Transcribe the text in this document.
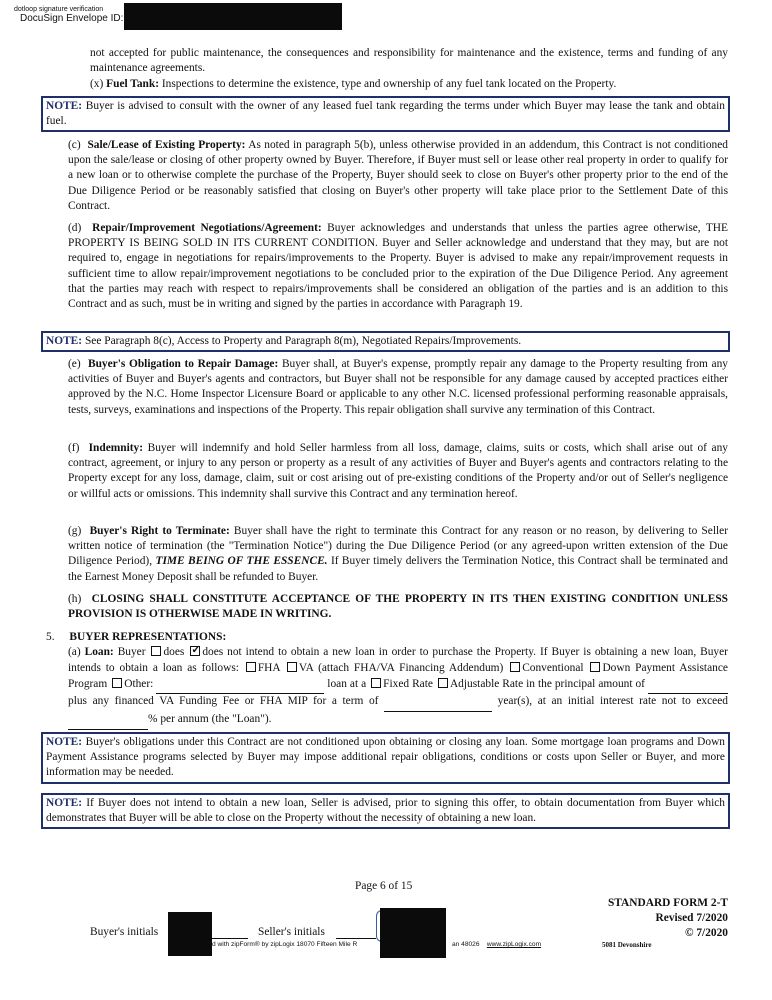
dotloop signature verification
DocuSign Envelope ID:
not accepted for public maintenance, the consequences and responsibility for maintenance and the existence, terms and funding of any maintenance agreements.
(x) Fuel Tank: Inspections to determine the existence, type and ownership of any fuel tank located on the Property.
NOTE: Buyer is advised to consult with the owner of any leased fuel tank regarding the terms under which Buyer may lease the tank and obtain fuel.
(c) Sale/Lease of Existing Property: As noted in paragraph 5(b), unless otherwise provided in an addendum, this Contract is not conditioned upon the sale/lease or closing of other property owned by Buyer. Therefore, if Buyer must sell or lease other real property in order to qualify for a new loan or to otherwise complete the purchase of the Property, Buyer should seek to close on Buyer's other property prior to the end of the Due Diligence Period or be reasonably satisfied that closing on Buyer's other property will take place prior to the Settlement Date of this Contract.
(d) Repair/Improvement Negotiations/Agreement: Buyer acknowledges and understands that unless the parties agree otherwise, THE PROPERTY IS BEING SOLD IN ITS CURRENT CONDITION. Buyer and Seller acknowledge and understand that they may, but are not required to, engage in negotiations for repairs/improvements to the Property. Buyer is advised to make any repair/improvement requests in sufficient time to allow repair/improvement negotiations to be concluded prior to the expiration of the Due Diligence Period. Any agreement that the parties may reach with respect to repairs/improvements shall be considered an obligation of the parties and is an addition to this Contract and as such, must be in writing and signed by the parties in accordance with Paragraph 19.
NOTE: See Paragraph 8(c), Access to Property and Paragraph 8(m), Negotiated Repairs/Improvements.
(e) Buyer's Obligation to Repair Damage: Buyer shall, at Buyer's expense, promptly repair any damage to the Property resulting from any activities of Buyer and Buyer's agents and contractors, but Buyer shall not be responsible for any damage caused by accepted practices either approved by the N.C. Home Inspector Licensure Board or applicable to any other N.C. licensed professional performing reasonable appraisals, tests, surveys, examinations and inspections of the Property. This repair obligation shall survive any termination of this Contract.
(f) Indemnity: Buyer will indemnify and hold Seller harmless from all loss, damage, claims, suits or costs, which shall arise out of any contract, agreement, or injury to any person or property as a result of any activities of Buyer and Buyer's agents and contractors relating to the Property except for any loss, damage, claim, suit or cost arising out of pre-existing conditions of the Property and/or out of Seller's negligence or willful acts or omissions. This indemnity shall survive this Contract and any termination hereof.
(g) Buyer's Right to Terminate: Buyer shall have the right to terminate this Contract for any reason or no reason, by delivering to Seller written notice of termination (the "Termination Notice") during the Due Diligence Period (or any agreed-upon written extension of the Due Diligence Period), TIME BEING OF THE ESSENCE. If Buyer timely delivers the Termination Notice, this Contract shall be terminated and the Earnest Money Deposit shall be refunded to Buyer.
(h) CLOSING SHALL CONSTITUTE ACCEPTANCE OF THE PROPERTY IN ITS THEN EXISTING CONDITION UNLESS PROVISION IS OTHERWISE MADE IN WRITING.
5. BUYER REPRESENTATIONS:
(a) Loan: Buyer does ✓ does not intend to obtain a new loan in order to purchase the Property. If Buyer is obtaining a new loan, Buyer intends to obtain a loan as follows: FHA VA (attach FHA/VA Financing Addendum) Conventional Down Payment Assistance Program Other:	loan at a Fixed Rate Adjustable Rate in the principal amount of   plus any financed VA Funding Fee or FHA MIP for a term of	year(s), at an initial interest rate not to exceed  % per annum (the "Loan").
NOTE: Buyer's obligations under this Contract are not conditioned upon obtaining or closing any loan. Some mortgage loan programs and Down Payment Assistance programs selected by Buyer may impose additional repair obligations, conditions or costs upon Seller or Buyer, and more information may be needed.
NOTE: If Buyer does not intend to obtain a new loan, Seller is advised, prior to signing this offer, to obtain documentation from Buyer which demonstrates that Buyer will be able to close on the Property without the necessity of obtaining a new loan.
Page 6 of 15
STANDARD FORM 2-T
Revised 7/2020
© 7/2020
Buyer's initials	Seller's initials
d with zipForm® by zipLogix 18070 Fifteen Mile R	an 48026 www.zipLogix.com	5081 Devonshire
